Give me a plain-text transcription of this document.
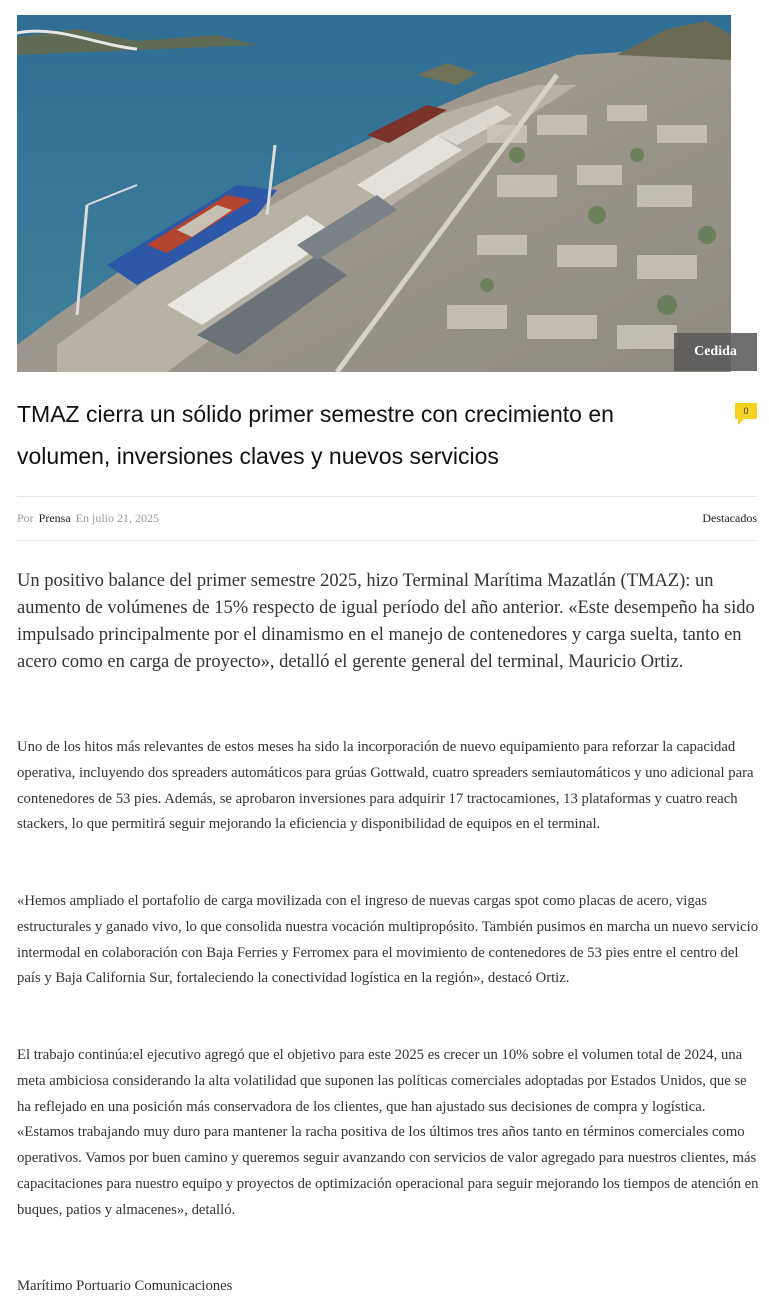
Cedida
TMAZ cierra un sólido primer semestre con crecimiento en volumen, inversiones claves y nuevos servicios
0
Por Prensa En julio 21, 2025	Destacados

Un positivo balance del primer semestre 2025, hizo Terminal Marítima Mazatlán (TMAZ): un aumento de volúmenes de 15% respecto de igual período del año anterior. «Este desempeño ha sido impulsado principalmente por el dinamismo en el manejo de contenedores y carga suelta, tanto en acero como en carga de proyecto», detalló el gerente general del terminal, Mauricio Ortiz.

Uno de los hitos más relevantes de estos meses ha sido la incorporación de nuevo equipamiento para reforzar la capacidad operativa, incluyendo dos spreaders automáticos para grúas Gottwald, cuatro spreaders semiautomáticos y uno adicional para contenedores de 53 pies. Además, se aprobaron inversiones para adquirir 17 tractocamiones, 13 plataformas y cuatro reach stackers, lo que permitirá seguir mejorando la eficiencia y disponibilidad de equipos en el terminal.

«Hemos ampliado el portafolio de carga movilizada con el ingreso de nuevas cargas spot como placas de acero, vigas estructurales y ganado vivo, lo que consolida nuestra vocación multipropósito. También pusimos en marcha un nuevo servicio intermodal en colaboración con Baja Ferries y Ferromex para el movimiento de contenedores de 53 pies entre el centro del país y Baja California Sur, fortaleciendo la conectividad logística en la región», destacó Ortiz.

El trabajo continúa:el ejecutivo agregó que el objetivo para este 2025 es crecer un 10% sobre el volumen total de 2024, una meta ambiciosa considerando la alta volatilidad que suponen las políticas comerciales adoptadas por Estados Unidos, que se ha reflejado en una posición más conservadora de los clientes, que han ajustado sus decisiones de compra y logística. «Estamos trabajando muy duro para mantener la racha positiva de los últimos tres años tanto en términos comerciales como operativos. Vamos por buen camino y queremos seguir avanzando con servicios de valor agregado para nuestros clientes, más capacitaciones para nuestro equipo y proyectos de optimización operacional para seguir mejorando los tiempos de atención en buques, patios y almacenes», detalló.

Marítimo Portuario Comunicaciones
